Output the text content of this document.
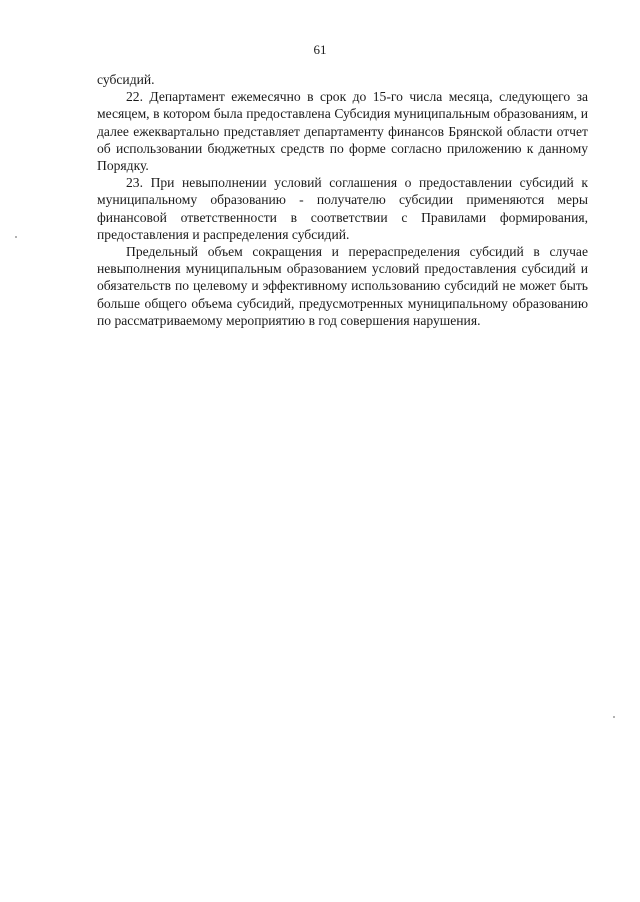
61

субсидий.

22. Департамент ежемесячно в срок до 15-го числа месяца, следующего за месяцем, в котором была предоставлена Субсидия муниципальным образованиям, и далее ежеквартально представляет департаменту финансов Брянской области отчет об использовании бюджетных средств по форме согласно приложению к данному Порядку.

23. При невыполнении условий соглашения о предоставлении субсидий к муниципальному образованию - получателю субсидии применяются меры финансовой ответственности в соответствии с Правилами формирования, предоставления и распределения субсидий.

Предельный объем сокращения и перераспределения субсидий в случае невыполнения муниципальным образованием условий предоставления субсидий и обязательств по целевому и эффективному использованию субсидий не может быть больше общего объема субсидий, предусмотренных муниципальному образованию по рассматриваемому мероприятию в год совершения нарушения.
